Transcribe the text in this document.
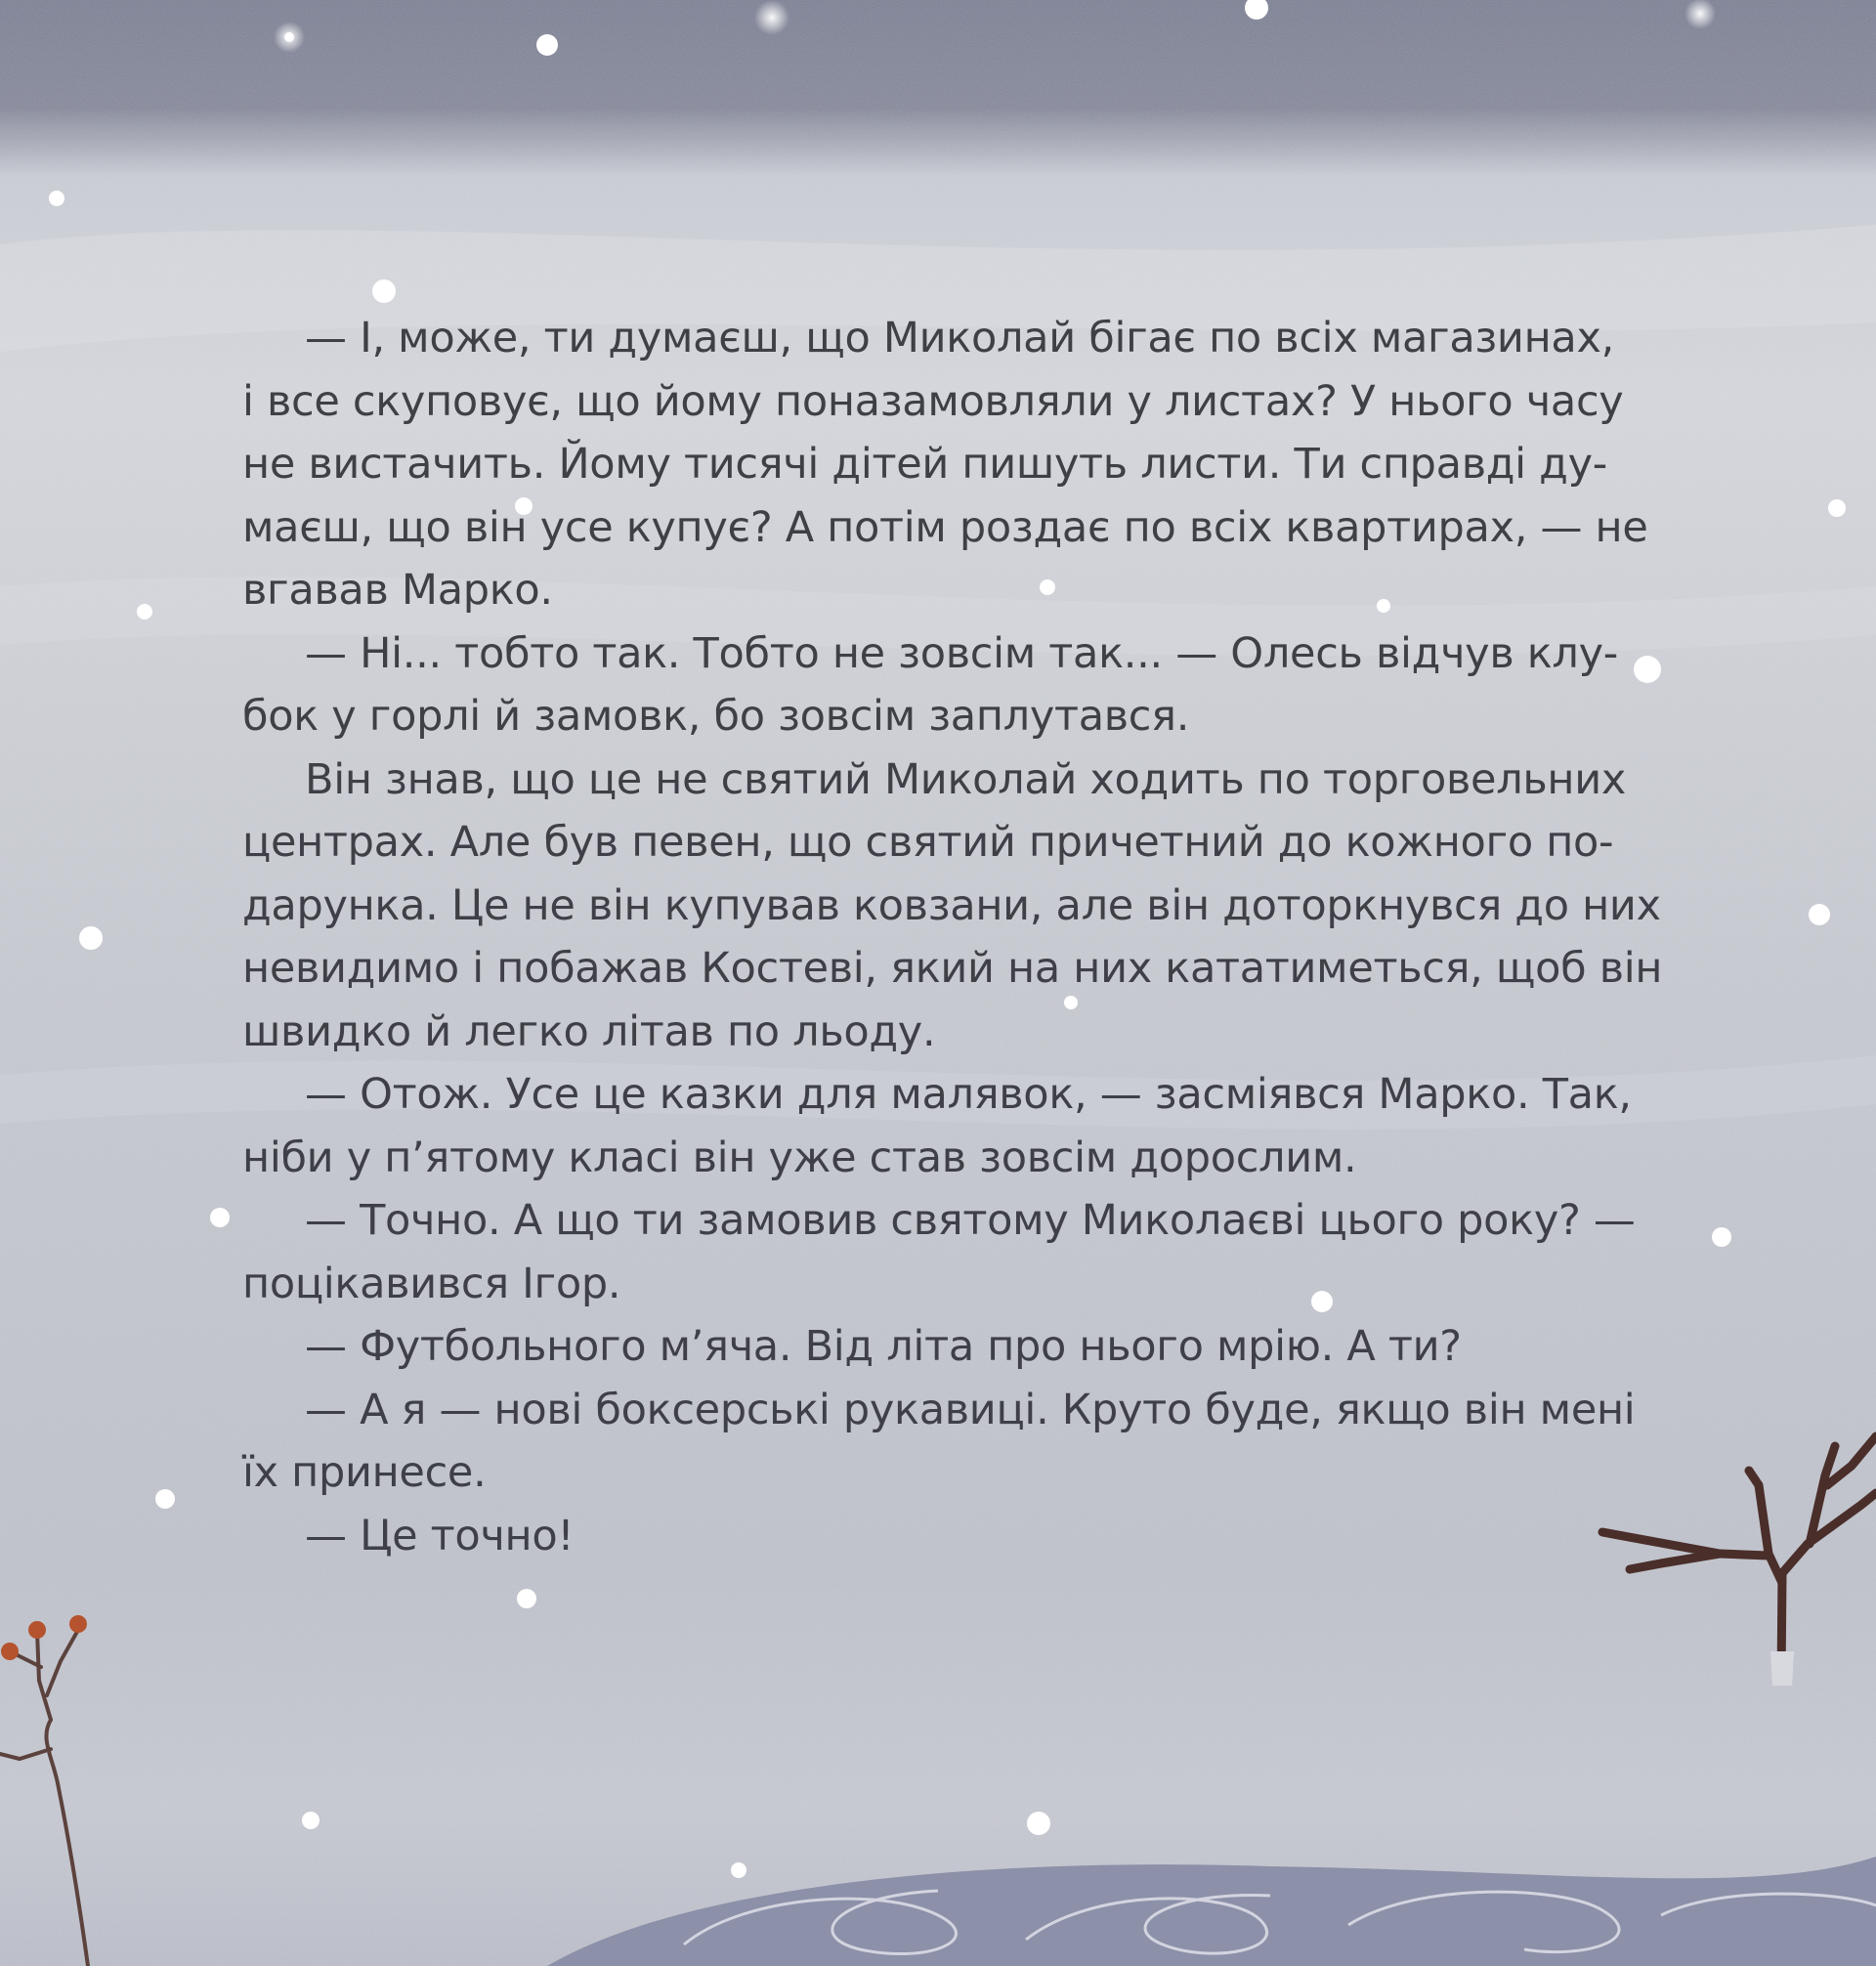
— І, може, ти думаєш, що Миколай бігає по всіх магазинах,
і все скуповує, що йому поназамовляли у листах? У нього часу
не вистачить. Йому тисячі дітей пишуть листи. Ти справді ду-
маєш, що він усе купує? А потім роздає по всіх квартирах, — не
вгавав Марко.
— Ні... тобто так. Тобто не зовсім так... — Олесь відчув клу-
бок у горлі й замовк, бо зовсім заплутався.
Він знав, що це не святий Миколай ходить по торговельних
центрах. Але був певен, що святий причетний до кожного по-
дарунка. Це не він купував ковзани, але він доторкнувся до них
невидимо і побажав Костеві, який на них кататиметься, щоб він
швидко й легко літав по льоду.
— Отож. Усе це казки для малявок, — засміявся Марко. Так,
ніби у п’ятому класі він уже став зовсім дорослим.
— Точно. А що ти замовив святому Миколаєві цього року? —
поцікавився Ігор.
— Футбольного м’яча. Від літа про нього мрію. А ти?
— А я — нові боксерські рукавиці. Круто буде, якщо він мені
їх принесе.
— Це точно!
